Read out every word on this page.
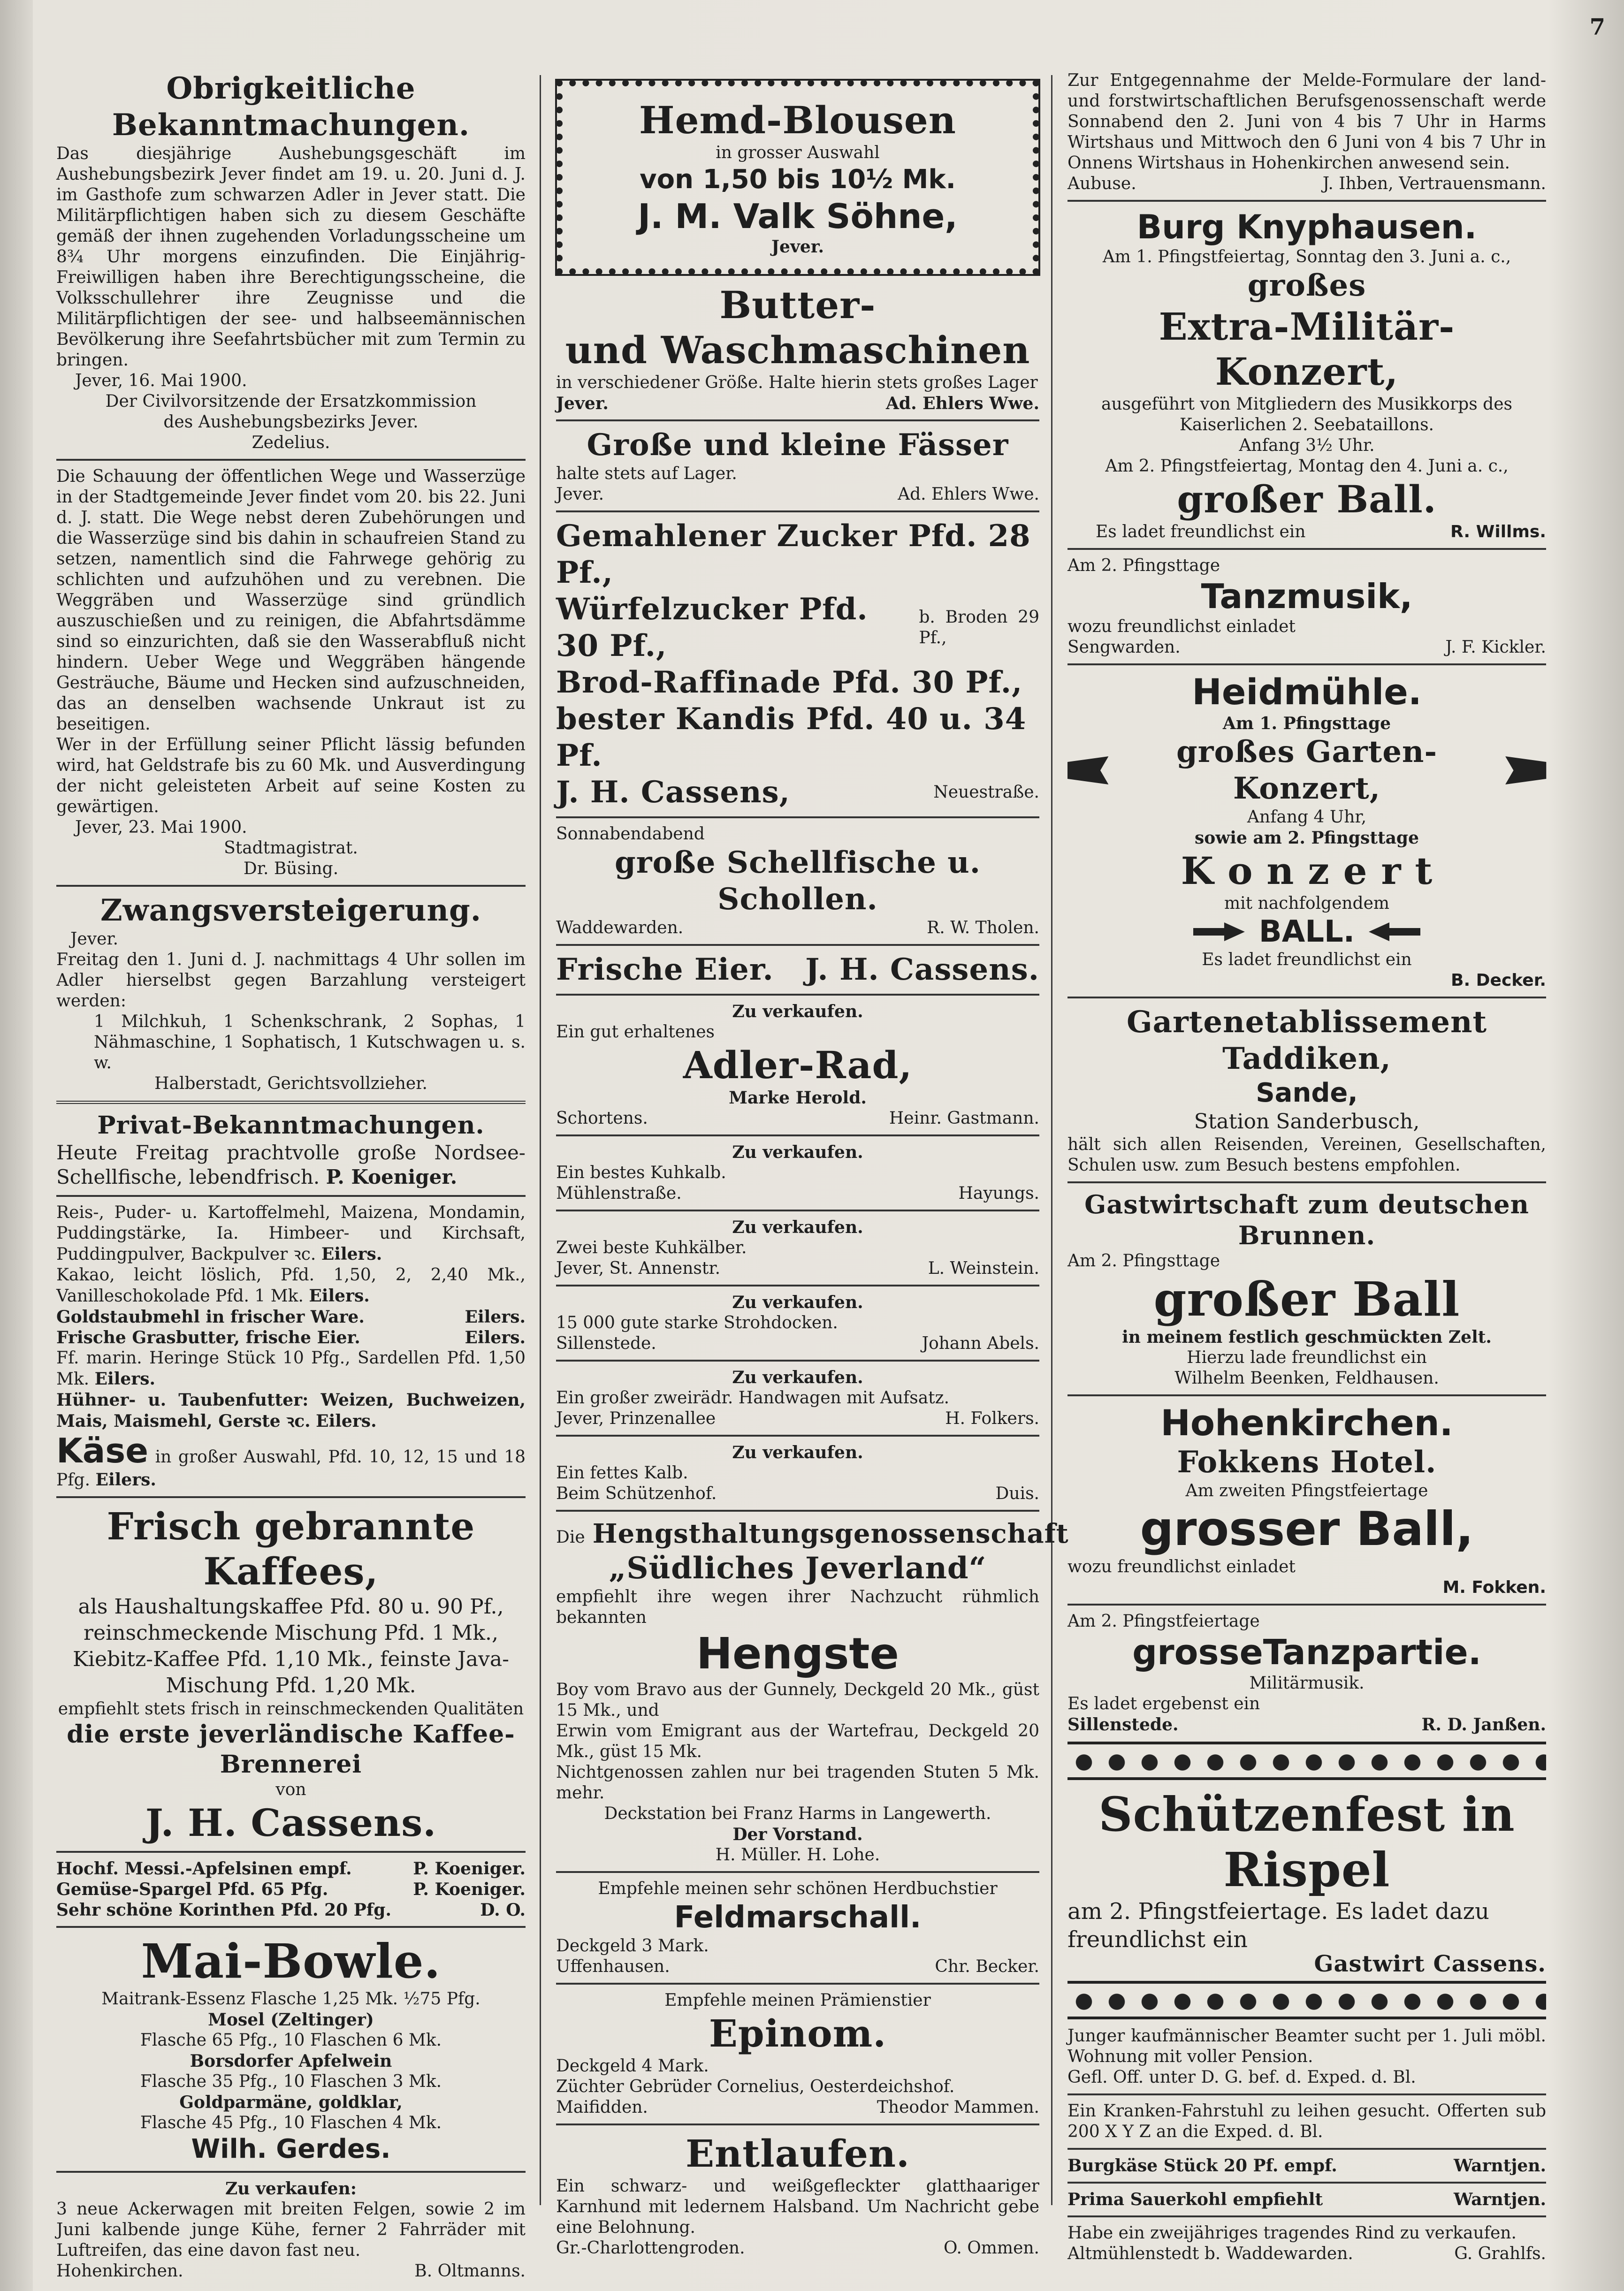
7
Obrigkeitliche Bekanntmachungen.
Das diesjährige Aushebungsgeschäft im Aushebungsbezirk Jever findet am 19. u. 20. Juni d. J. im Gasthofe zum schwarzen Adler in Jever statt. Die Militärpflichtigen haben sich zu diesem Geschäfte gemäß der ihnen zugehenden Vorladungsscheine um 8¾ Uhr morgens einzufinden. Die Einjährig-Freiwilligen haben ihre Berechtigungsscheine, die Volksschullehrer ihre Zeugnisse und die Militärpflichtigen der see- und halbseemännischen Bevölkerung ihre Seefahrtsbücher mit zum Termin zu bringen.
Jever, 16. Mai 1900.
Der Civilvorsitzende der Ersatzkommission
des Aushebungsbezirks Jever.
Zedelius.
Die Schauung der öffentlichen Wege und Wasserzüge in der Stadtgemeinde Jever findet vom 20. bis 22. Juni d. J. statt. Die Wege nebst deren Zubehörungen und die Wasserzüge sind bis dahin in schaufreien Stand zu setzen, namentlich sind die Fahrwege gehörig zu schlichten und aufzuhöhen und zu verebnen. Die Weggräben und Wasserzüge sind gründlich auszuschießen und zu reinigen, die Abfahrtsdämme sind so einzurichten, daß sie den Wasserabfluß nicht hindern. Ueber Wege und Weggräben hängende Gesträuche, Bäume und Hecken sind aufzuschneiden, das an denselben wachsende Unkraut ist zu beseitigen.
Wer in der Erfüllung seiner Pflicht lässig befunden wird, hat Geldstrafe bis zu 60 Mk. und Ausverdingung der nicht geleisteten Arbeit auf seine Kosten zu gewärtigen.
Jever, 23. Mai 1900.
Stadtmagistrat.
Dr. Büsing.
Zwangsversteigerung.
Jever.
Freitag den 1. Juni d. J. nachmittags 4 Uhr sollen im Adler hierselbst gegen Barzahlung versteigert werden:
1 Milchkuh, 1 Schenkschrank, 2 Sophas, 1 Nähmaschine, 1 Sophatisch, 1 Kutschwagen u. s. w.
Halberstadt, Gerichtsvollzieher.
Privat-Bekanntmachungen.
Heute Freitag prachtvolle große Nordsee-Schellfische, lebendfrisch. P. Koeniger.
Reis-, Puder- u. Kartoffelmehl, Maizena, Mondamin, Puddingstärke, Ia. Himbeer- und Kirchsaft, Puddingpulver, Backpulver ꝛc. Eilers.
Kakao, leicht löslich, Pfd. 1,50, 2, 2,40 Mk., Vanilleschokolade Pfd. 1 Mk. Eilers.
Goldstaubmehl in frischer Ware.	Eilers.
Frische Grasbutter, frische Eier.	Eilers.
Ff. marin. Heringe Stück 10 Pfg., Sardellen Pfd. 1,50 Mk. Eilers.
Hühner- u. Taubenfutter: Weizen, Buchweizen, Mais, Maismehl, Gerste ꝛc. Eilers.
Käse in großer Auswahl, Pfd. 10, 12, 15 und 18 Pfg. Eilers.
Frisch gebrannte Kaffees,
als Haushaltungskaffee Pfd. 80 u. 90 Pf., reinschmeckende Mischung Pfd. 1 Mk., Kiebitz-Kaffee Pfd. 1,10 Mk., feinste Java-Mischung Pfd. 1,20 Mk.
empfiehlt stets frisch in reinschmeckenden Qualitäten
die erste jeverländische Kaffee-Brennerei
von
J. H. Cassens.
Hochf. Messi.-Apfelsinen empf.	P. Koeniger.
Gemüse-Spargel Pfd. 65 Pfg.	P. Koeniger.
Sehr schöne Korinthen Pfd. 20 Pfg.	D. O.
Mai-Bowle.
Maitrank-Essenz Flasche 1,25 Mk. ½75 Pfg.
Mosel (Zeltinger)
Flasche 65 Pfg., 10 Flaschen 6 Mk.
Borsdorfer Apfelwein
Flasche 35 Pfg., 10 Flaschen 3 Mk.
Goldparmäne, goldklar,
Flasche 45 Pfg., 10 Flaschen 4 Mk.
Wilh. Gerdes.
Zu verkaufen:
3 neue Ackerwagen mit breiten Felgen, sowie 2 im Juni kalbende junge Kühe, ferner 2 Fahrräder mit Luftreifen, das eine davon fast neu.
Hohenkirchen.	B. Oltmanns.
Hemd-Blousen
in grosser Auswahl
von 1,50 bis 10½ Mk.
J. M. Valk Söhne,
Jever.
Butter-
und Waschmaschinen
in verschiedener Größe. Halte hierin stets großes Lager
Jever.	Ad. Ehlers Wwe.
Große und kleine Fässer
halte stets auf Lager.
Jever.	Ad. Ehlers Wwe.
Gemahlener Zucker Pfd. 28 Pf.,
Würfelzucker Pfd. 30 Pf.,
b. Broden 29 Pf.,
Brod-Raffinade Pfd. 30 Pf.,
bester Kandis Pfd. 40 u. 34 Pf.
J. H. Cassens,	Neuestraße.
Sonnabendabend
große Schellfische u. Schollen.
Waddewarden.	R. W. Tholen.
Frische Eier. J. H. Cassens.
Zu verkaufen.
Ein gut erhaltenes
Adler-Rad,
Marke Herold.
Schortens.	Heinr. Gastmann.
Zu verkaufen.
Ein bestes Kuhkalb.
Mühlenstraße.	Hayungs.
Zu verkaufen.
Zwei beste Kuhkälber.
Jever, St. Annenstr.	L. Weinstein.
Zu verkaufen.
15 000 gute starke Strohdocken.
Sillenstede.	Johann Abels.
Zu verkaufen.
Ein großer zweirädr. Handwagen mit Aufsatz.
Jever, Prinzenallee	H. Folkers.
Zu verkaufen.
Ein fettes Kalb.
Beim Schützenhof.	Duis.
Die Hengsthaltungsgenossenschaft
„Südliches Jeverland“
empfiehlt ihre wegen ihrer Nachzucht rühmlich bekannten
Hengste
Boy vom Bravo aus der Gunnely, Deckgeld 20 Mk., güst 15 Mk., und
Erwin vom Emigrant aus der Wartefrau, Deckgeld 20 Mk., güst 15 Mk.
Nichtgenossen zahlen nur bei tragenden Stuten 5 Mk. mehr.
Deckstation bei Franz Harms in Langewerth.
Der Vorstand.
H. Müller. H. Lohe.
Empfehle meinen sehr schönen Herdbuchstier
Feldmarschall.
Deckgeld 3 Mark.
Uffenhausen.	Chr. Becker.
Empfehle meinen Prämienstier
Epinom.
Deckgeld 4 Mark.
Züchter Gebrüder Cornelius, Oesterdeichshof.
Maifidden.	Theodor Mammen.
Entlaufen.
Ein schwarz- und weißgefleckter glatthaariger Karnhund mit ledernem Halsband. Um Nachricht gebe eine Belohnung.
Gr.-Charlottengroden.	O. Ommen.
Zur Entgegennahme der Melde-Formulare der land- und forstwirtschaftlichen Berufsgenossenschaft werde Sonnabend den 2. Juni von 4 bis 7 Uhr in Harms Wirtshaus und Mittwoch den 6 Juni von 4 bis 7 Uhr in Onnens Wirtshaus in Hohenkirchen anwesend sein.
Aubuse.	J. Ihben, Vertrauensmann.
Burg Knyphausen.
Am 1. Pfingstfeiertag, Sonntag den 3. Juni a. c.,
großes
Extra-Militär-Konzert,
ausgeführt von Mitgliedern des Musikkorps des Kaiserlichen 2. Seebataillons.
Anfang 3½ Uhr.
Am 2. Pfingstfeiertag, Montag den 4. Juni a. c.,
großer Ball.
Es ladet freundlichst ein	R. Willms.
Am 2. Pfingsttage
Tanzmusik,
wozu freundlichst einladet
Sengwarden.	J. F. Kickler.
Heidmühle.
Am 1. Pfingsttage
großes Garten-Konzert,
Anfang 4 Uhr,
sowie am 2. Pfingsttage
K o n z e r t
mit nachfolgendem
BALL.
Es ladet freundlichst ein
B. Decker.
Gartenetablissement Taddiken,
Sande,
Station Sanderbusch,
hält sich allen Reisenden, Vereinen, Gesellschaften, Schulen usw. zum Besuch bestens empfohlen.
Gastwirtschaft zum deutschen Brunnen.
Am 2. Pfingsttage
großer Ball
in meinem festlich geschmückten Zelt.
Hierzu lade freundlichst ein
Wilhelm Beenken, Feldhausen.
Hohenkirchen.
Fokkens Hotel.
Am zweiten Pfingstfeiertage
grosser Ball,
wozu freundlichst einladet
M. Fokken.
Am 2. Pfingstfeiertage
grosseTanzpartie.
Militärmusik.
Es ladet ergebenst ein
Sillenstede.	R. D. Janßen.
Schützenfest in Rispel
am 2. Pfingstfeiertage. Es ladet dazu freundlichst ein
Gastwirt Cassens.
Junger kaufmännischer Beamter sucht per 1. Juli möbl. Wohnung mit voller Pension.
Gefl. Off. unter D. G. bef. d. Exped. d. Bl.
Ein Kranken-Fahrstuhl zu leihen gesucht. Offerten sub 200 X Y Z an die Exped. d. Bl.
Burgkäse Stück 20 Pf. empf.	Warntjen.
Prima Sauerkohl empfiehlt	Warntjen.
Habe ein zweijähriges tragendes Rind zu verkaufen.
Altmühlenstedt b. Waddewarden.	G. Grahlfs.
